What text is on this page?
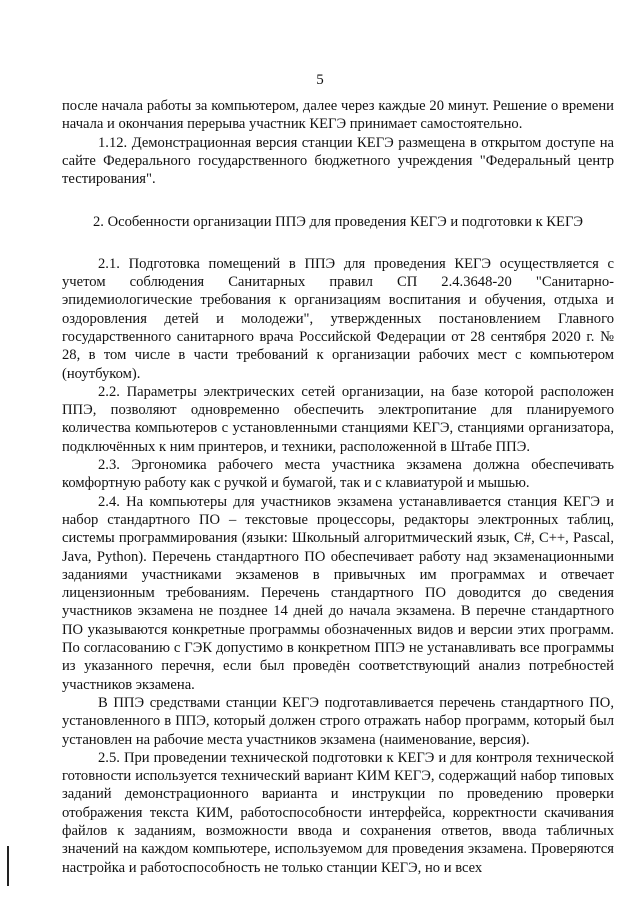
5

после начала работы за компьютером, далее через каждые 20 минут. Решение о времени начала и окончания перерыва участник КЕГЭ принимает самостоятельно.

1.12. Демонстрационная версия станции КЕГЭ размещена в открытом доступе на сайте Федерального государственного бюджетного учреждения "Федеральный центр тестирования".

2. Особенности организации ППЭ для проведения КЕГЭ и подготовки к КЕГЭ

2.1. Подготовка помещений в ППЭ для проведения КЕГЭ осуществляется с учетом соблюдения Санитарных правил СП 2.4.3648-20 "Санитарно-эпидемиологические требования к организациям воспитания и обучения, отдыха и оздоровления детей и молодежи", утвержденных постановлением Главного государственного санитарного врача Российской Федерации от 28 сентября 2020 г. № 28, в том числе в части требований к организации рабочих мест с компьютером (ноутбуком).

2.2. Параметры электрических сетей организации, на базе которой расположен ППЭ, позволяют одновременно обеспечить электропитание для планируемого количества компьютеров с установленными станциями КЕГЭ, станциями организатора, подключённых к ним принтеров, и техники, расположенной в Штабе ППЭ.

2.3. Эргономика рабочего места участника экзамена должна обеспечивать комфортную работу как с ручкой и бумагой, так и с клавиатурой и мышью.

2.4. На компьютеры для участников экзамена устанавливается станция КЕГЭ и набор стандартного ПО – текстовые процессоры, редакторы электронных таблиц, системы программирования (языки: Школьный алгоритмический язык, C#, C++, Pascal, Java, Python). Перечень стандартного ПО обеспечивает работу над экзаменационными заданиями участниками экзаменов в привычных им программах и отвечает лицензионным требованиям. Перечень стандартного ПО доводится до сведения участников экзамена не позднее 14 дней до начала экзамена. В перечне стандартного ПО указываются конкретные программы обозначенных видов и версии этих программ. По согласованию с ГЭК допустимо в конкретном ППЭ не устанавливать все программы из указанного перечня, если был проведён соответствующий анализ потребностей участников экзамена.

В ППЭ средствами станции КЕГЭ подготавливается перечень стандартного ПО, установленного в ППЭ, который должен строго отражать набор программ, который был установлен на рабочие места участников экзамена (наименование, версия).

2.5. При проведении технической подготовки к КЕГЭ и для контроля технической готовности используется технический вариант КИМ КЕГЭ, содержащий набор типовых заданий демонстрационного варианта и инструкции по проведению проверки отображения текста КИМ, работоспособности интерфейса, корректности скачивания файлов к заданиям, возможности ввода и сохранения ответов, ввода табличных значений на каждом компьютере, используемом для проведения экзамена. Проверяются настройка и работоспособность не только станции КЕГЭ, но и всех
